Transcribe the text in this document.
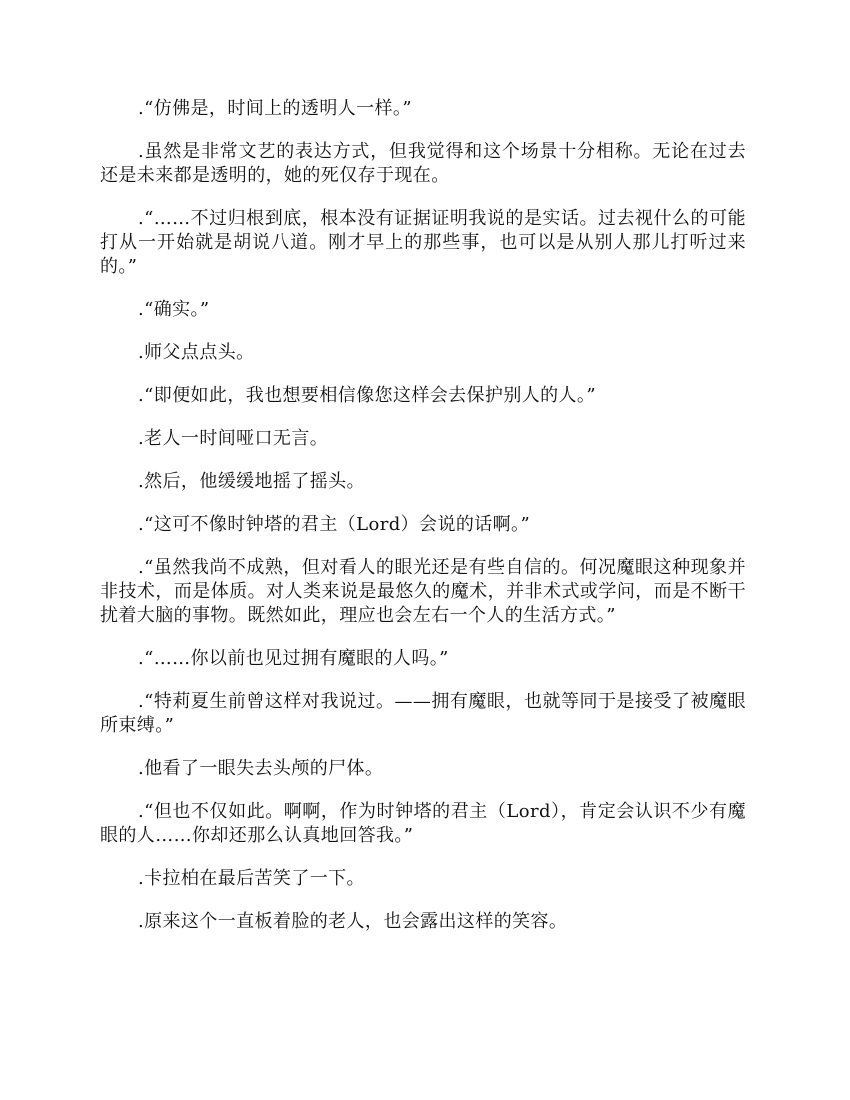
.“仿佛是，时间上的透明人一样。”

.虽然是非常文艺的表达方式，但我觉得和这个场景十分相称。无论在过去还是未来都是透明的，她的死仅存于现在。

.“……不过归根到底，根本没有证据证明我说的是实话。过去视什么的可能打从一开始就是胡说八道。刚才早上的那些事，也可以是从别人那儿打听过来的。”

.“确实。”

.师父点点头。

.“即便如此，我也想要相信像您这样会去保护别人的人。”

.老人一时间哑口无言。

.然后，他缓缓地摇了摇头。

.“这可不像时钟塔的君主（Lord）会说的话啊。”

.“虽然我尚不成熟，但对看人的眼光还是有些自信的。何况魔眼这种现象并非技术，而是体质。对人类来说是最悠久的魔术，并非术式或学问，而是不断干扰着大脑的事物。既然如此，理应也会左右一个人的生活方式。”

.“……你以前也见过拥有魔眼的人吗。”

.“特莉夏生前曾这样对我说过。——拥有魔眼，也就等同于是接受了被魔眼所束缚。”

.他看了一眼失去头颅的尸体。

.“但也不仅如此。啊啊，作为时钟塔的君主（Lord），肯定会认识不少有魔眼的人……你却还那么认真地回答我。”

.卡拉柏在最后苦笑了一下。

.原来这个一直板着脸的老人，也会露出这样的笑容。
